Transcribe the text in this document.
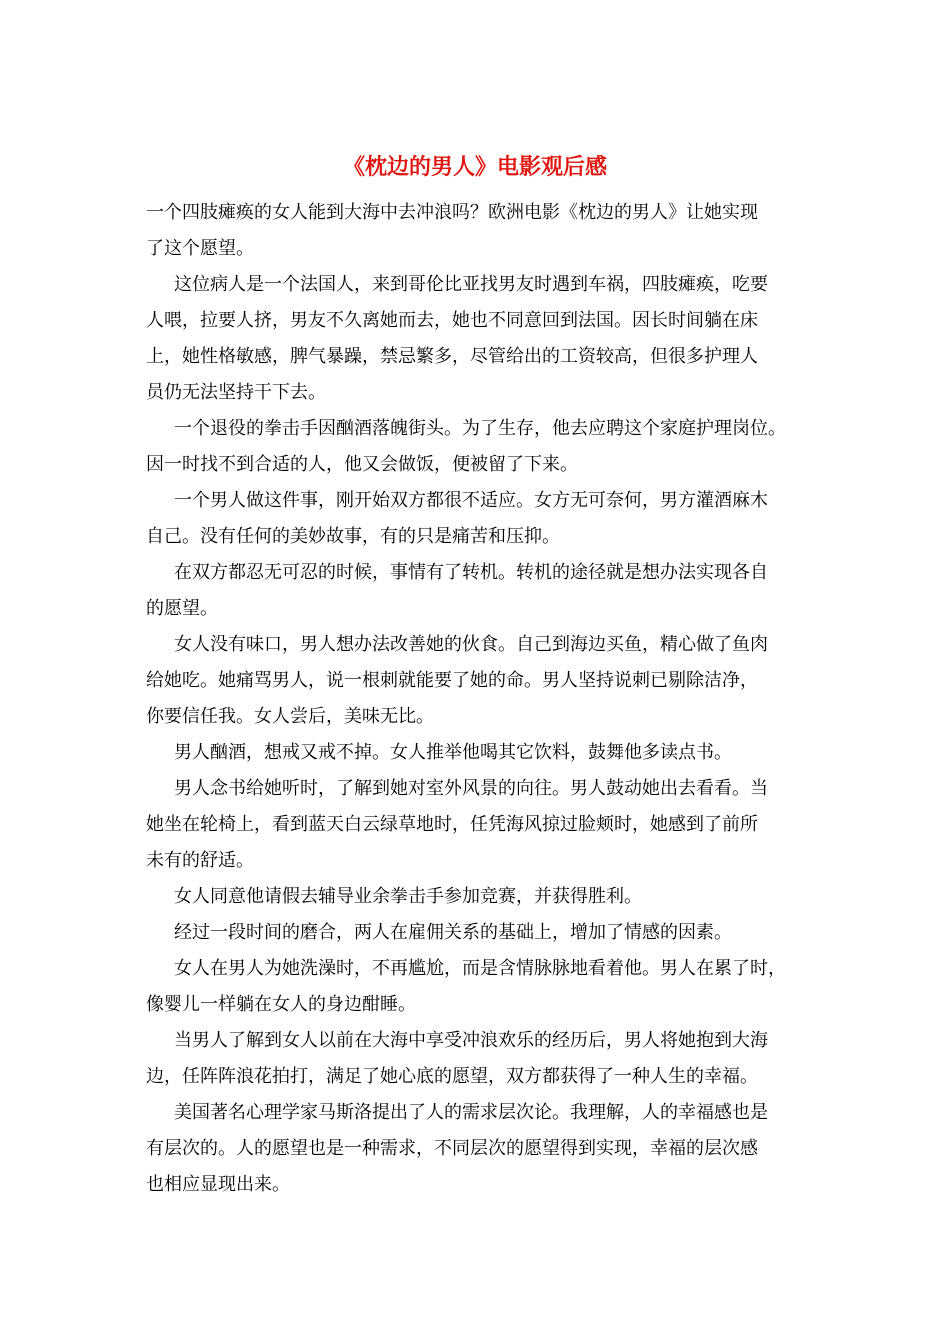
《枕边的男人》电影观后感

一个四肢瘫痪的女人能到大海中去冲浪吗？欧洲电影《枕边的男人》让她实现
了这个愿望。

这位病人是一个法国人，来到哥伦比亚找男友时遇到车祸，四肢瘫痪，吃要
人喂，拉要人挤，男友不久离她而去，她也不同意回到法国。因长时间躺在床
上，她性格敏感，脾气暴躁，禁忌繁多，尽管给出的工资较高，但很多护理人
员仍无法坚持干下去。

一个退役的拳击手因酗酒落魄街头。为了生存，他去应聘这个家庭护理岗位。
因一时找不到合适的人，他又会做饭，便被留了下来。

一个男人做这件事，刚开始双方都很不适应。女方无可奈何，男方灌酒麻木
自己。没有任何的美妙故事，有的只是痛苦和压抑。

在双方都忍无可忍的时候，事情有了转机。转机的途径就是想办法实现各自
的愿望。

女人没有味口，男人想办法改善她的伙食。自己到海边买鱼，精心做了鱼肉
给她吃。她痛骂男人，说一根刺就能要了她的命。男人坚持说刺已剔除洁净，
你要信任我。女人尝后，美味无比。

男人酗酒，想戒又戒不掉。女人推举他喝其它饮料，鼓舞他多读点书。

男人念书给她听时，了解到她对室外风景的向往。男人鼓动她出去看看。当
她坐在轮椅上，看到蓝天白云绿草地时，任凭海风掠过脸颊时，她感到了前所
未有的舒适。

女人同意他请假去辅导业余拳击手参加竞赛，并获得胜利。

经过一段时间的磨合，两人在雇佣关系的基础上，增加了情感的因素。

女人在男人为她洗澡时，不再尴尬，而是含情脉脉地看着他。男人在累了时，
像婴儿一样躺在女人的身边酣睡。

当男人了解到女人以前在大海中享受冲浪欢乐的经历后，男人将她抱到大海
边，任阵阵浪花拍打，满足了她心底的愿望，双方都获得了一种人生的幸福。

美国著名心理学家马斯洛提出了人的需求层次论。我理解，人的幸福感也是
有层次的。人的愿望也是一种需求，不同层次的愿望得到实现，幸福的层次感
也相应显现出来。
